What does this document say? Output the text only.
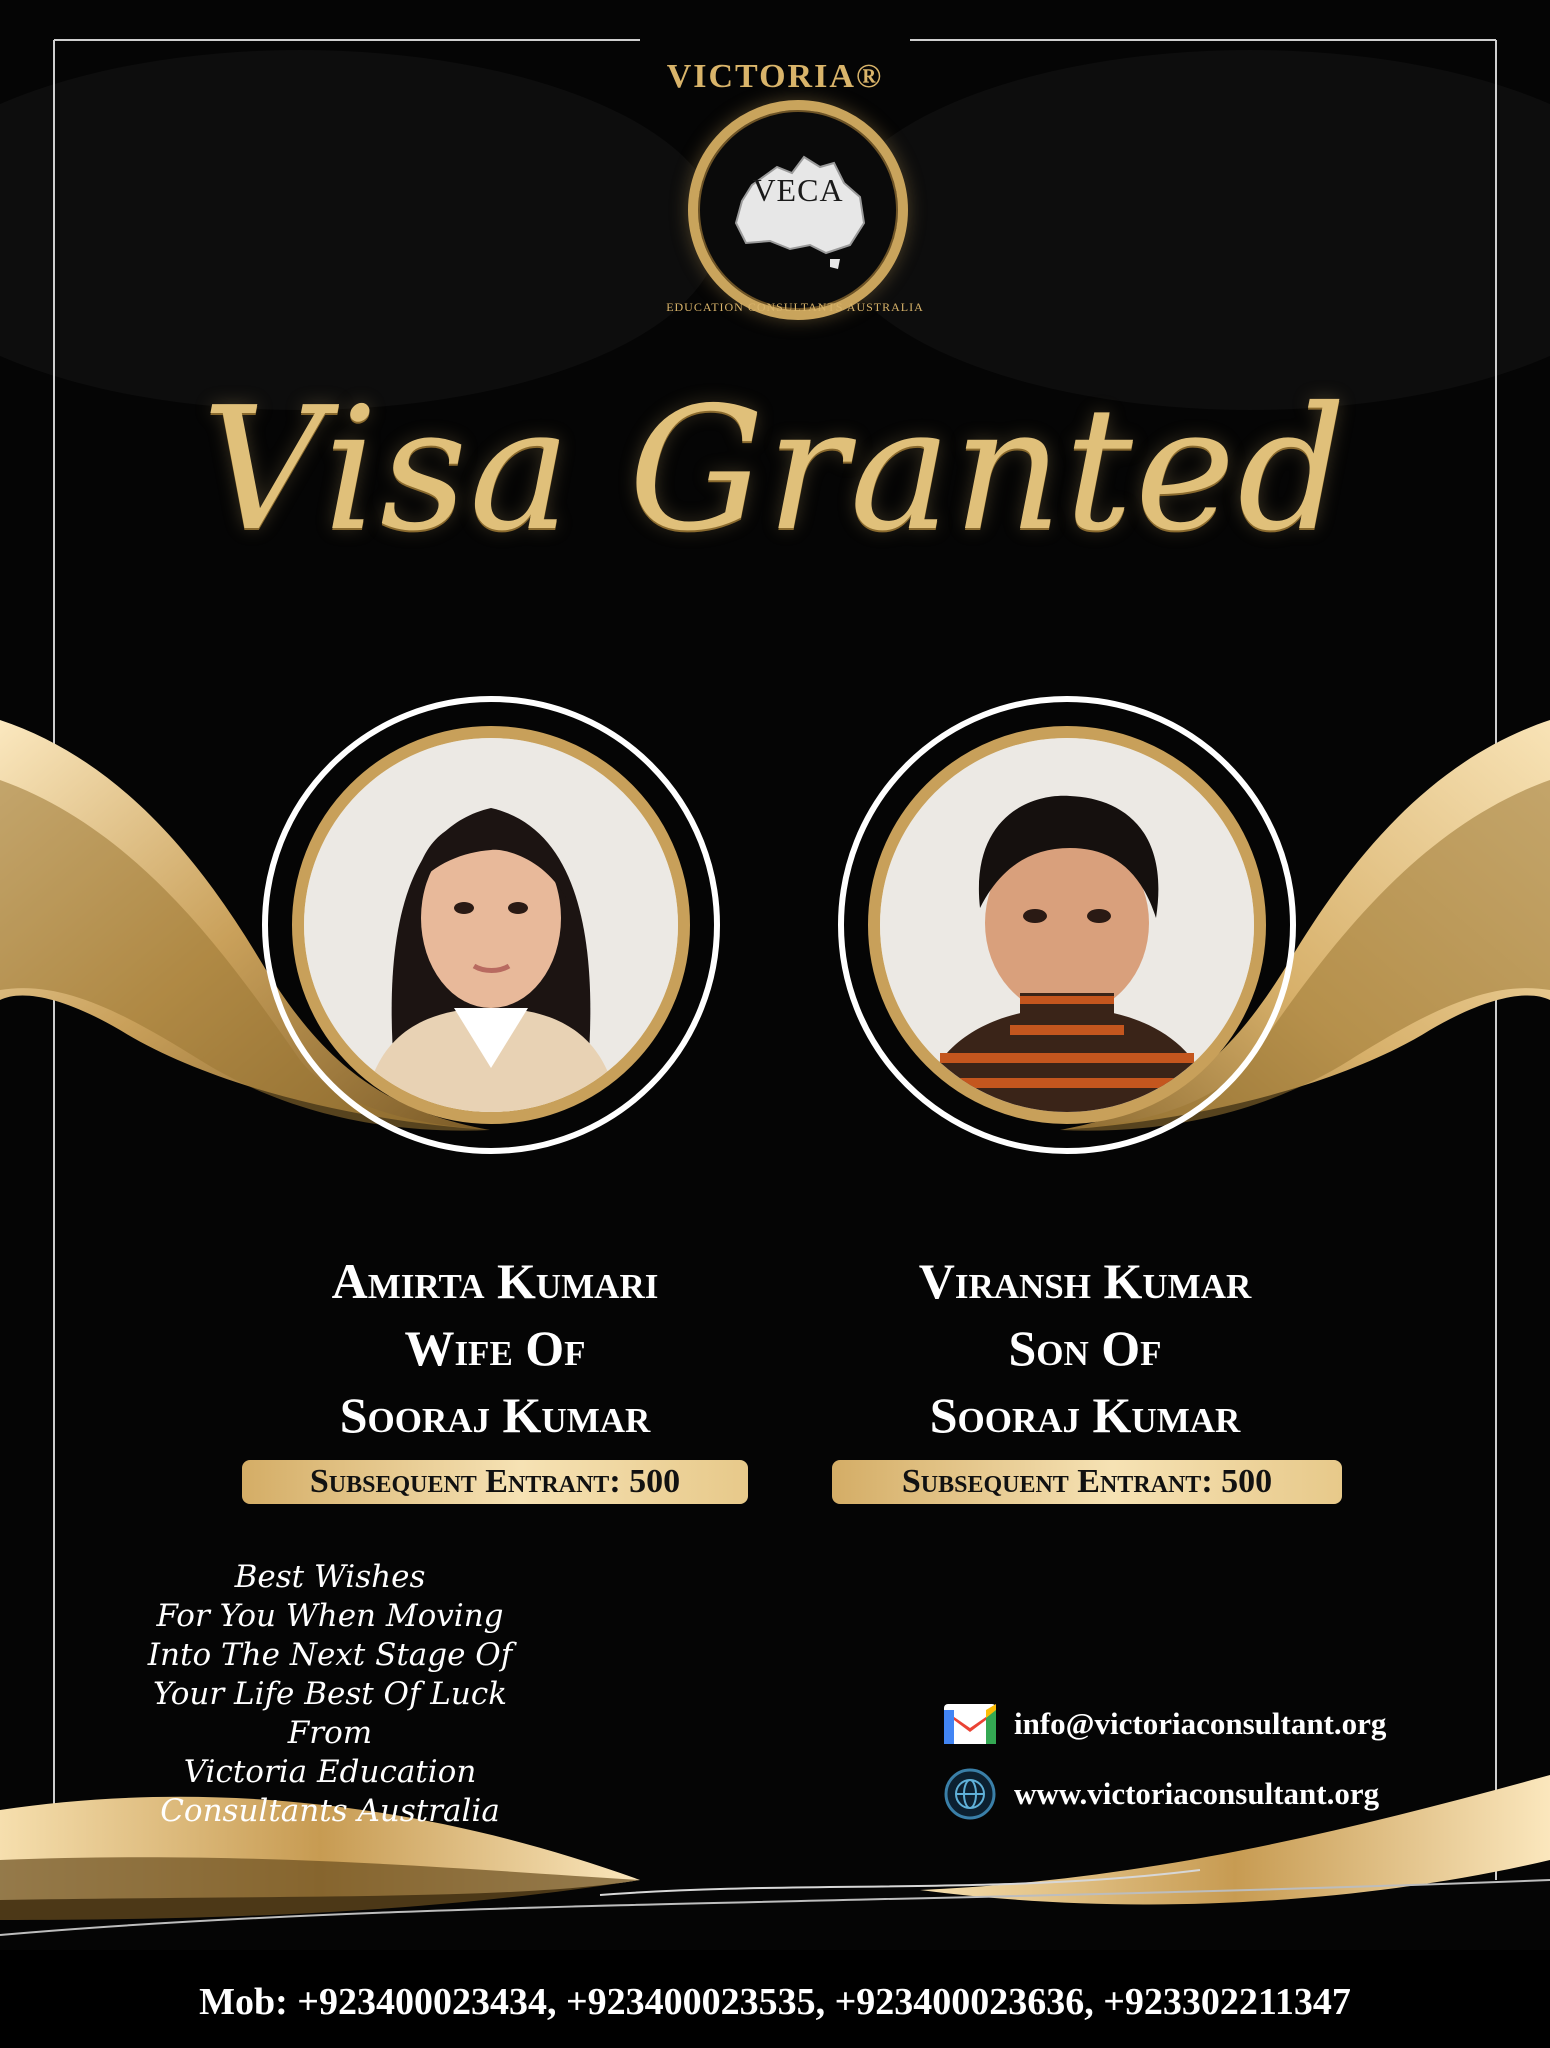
VICTORIA®
VECA
EDUCATION CONSULTANTS AUSTRALIA
Visa Granted
Amirta Kumari
Wife Of
Sooraj Kumar
Subsequent Entrant: 500
Viransh Kumar
Son Of
Sooraj Kumar
Subsequent Entrant: 500
Best Wishes
For You When Moving
Into The Next Stage Of
Your Life Best Of Luck
From
Victoria Education
Consultants Australia
info@victoriaconsultant.org
www.victoriaconsultant.org
Mob: +923400023434, +923400023535, +923400023636, +923302211347
